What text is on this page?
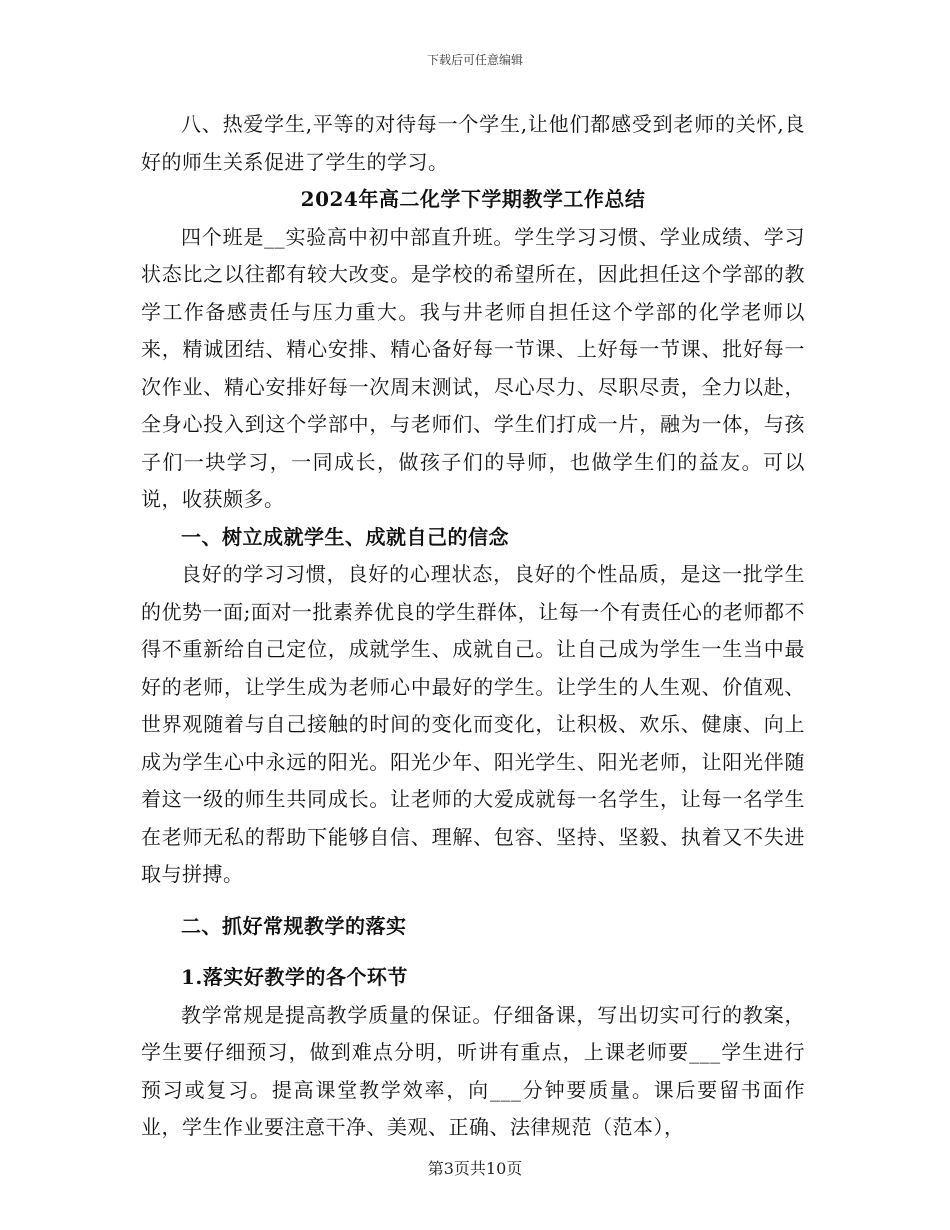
下载后可任意编辑

八、热爱学生,平等的对待每一个学生,让他们都感受到老师的关怀,良好的师生关系促进了学生的学习。

2024年高二化学下学期教学工作总结

四个班是__实验高中初中部直升班。学生学习习惯、学业成绩、学习状态比之以往都有较大改变。是学校的希望所在，因此担任这个学部的教学工作备感责任与压力重大。我与井老师自担任这个学部的化学老师以来，精诚团结、精心安排、精心备好每一节课、上好每一节课、批好每一次作业、精心安排好每一次周末测试，尽心尽力、尽职尽责，全力以赴，全身心投入到这个学部中，与老师们、学生们打成一片，融为一体，与孩子们一块学习，一同成长，做孩子们的导师，也做学生们的益友。可以说，收获颇多。

一、树立成就学生、成就自己的信念

良好的学习习惯，良好的心理状态，良好的个性品质，是这一批学生的优势一面;面对一批素养优良的学生群体，让每一个有责任心的老师都不得不重新给自己定位，成就学生、成就自己。让自己成为学生一生当中最好的老师，让学生成为老师心中最好的学生。让学生的人生观、价值观、世界观随着与自己接触的时间的变化而变化，让积极、欢乐、健康、向上成为学生心中永远的阳光。阳光少年、阳光学生、阳光老师，让阳光伴随着这一级的师生共同成长。让老师的大爱成就每一名学生，让每一名学生在老师无私的帮助下能够自信、理解、包容、坚持、坚毅、执着又不失进取与拼搏。

二、抓好常规教学的落实

1.落实好教学的各个环节

教学常规是提高教学质量的保证。仔细备课，写出切实可行的教案，学生要仔细预习，做到难点分明，听讲有重点，上课老师要___学生进行预习或复习。提高课堂教学效率，向___分钟要质量。课后要留书面作业，学生作业要注意干净、美观、正确、法律规范（范本），

第3页共10页
